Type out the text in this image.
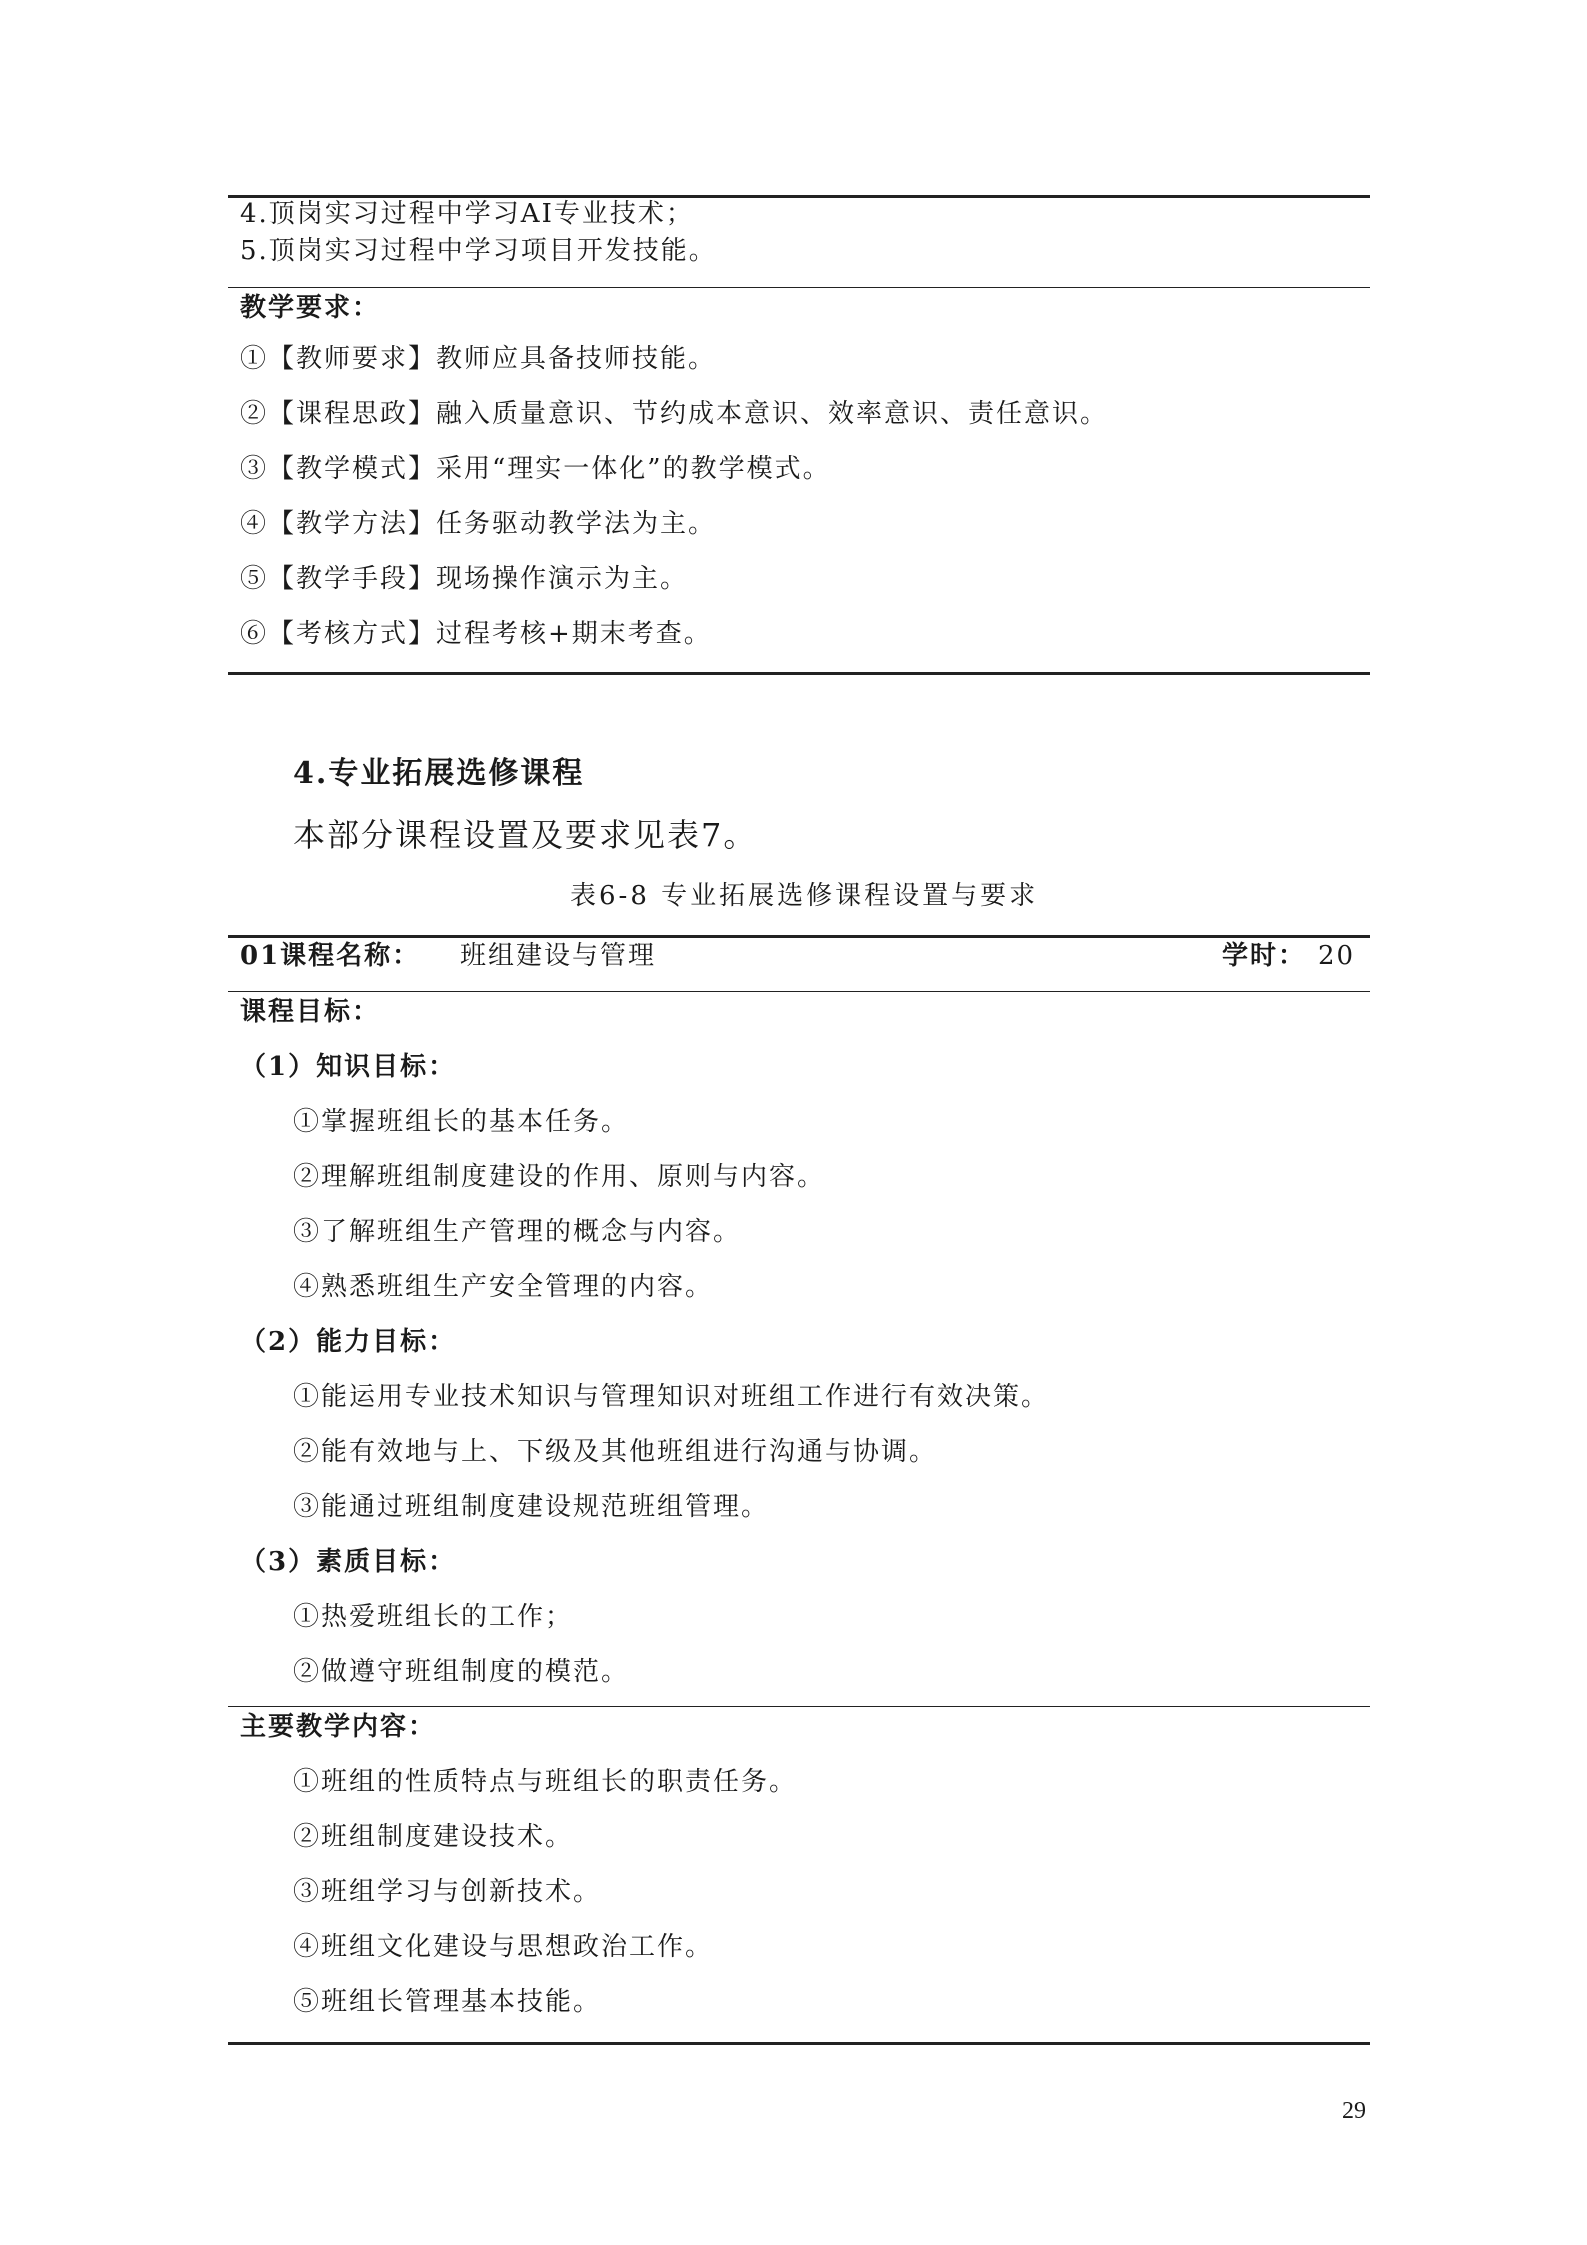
4.顶岗实习过程中学习AI专业技术；
5.顶岗实习过程中学习项目开发技能。
教学要求：
①【教师要求】教师应具备技师技能。
②【课程思政】融入质量意识、节约成本意识、效率意识、责任意识。
③【教学模式】采用“理实一体化”的教学模式。
④【教学方法】任务驱动教学法为主。
⑤【教学手段】现场操作演示为主。
⑥【考核方式】过程考核+期末考查。
4.专业拓展选修课程
本部分课程设置及要求见表7。
表6-8 专业拓展选修课程设置与要求
01课程名称： 班组建设与管理	学时： 20
课程目标：
（1）知识目标：
①掌握班组长的基本任务。
②理解班组制度建设的作用、原则与内容。
③了解班组生产管理的概念与内容。
④熟悉班组生产安全管理的内容。
（2）能力目标：
①能运用专业技术知识与管理知识对班组工作进行有效决策。
②能有效地与上、下级及其他班组进行沟通与协调。
③能通过班组制度建设规范班组管理。
（3）素质目标：
①热爱班组长的工作；
②做遵守班组制度的模范。
主要教学内容：
①班组的性质特点与班组长的职责任务。
②班组制度建设技术。
③班组学习与创新技术。
④班组文化建设与思想政治工作。
⑤班组长管理基本技能。
29
